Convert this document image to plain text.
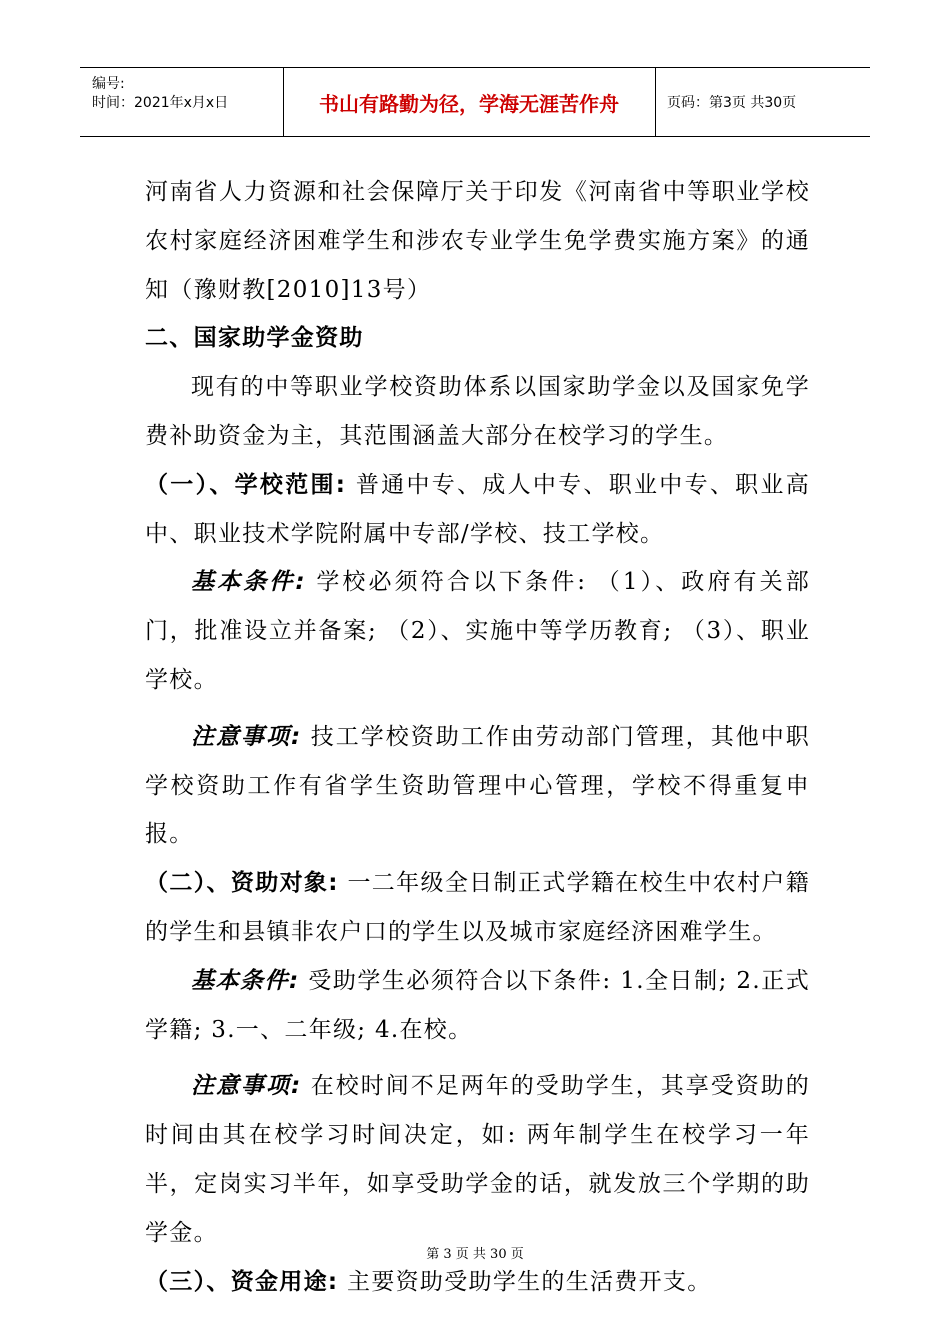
编号:
时间：2021年x月x日	书山有路勤为径，学海无涯苦作舟	页码：第3页 共30页

河南省人力资源和社会保障厅关于印发《河南省中等职业学校农村家庭经济困难学生和涉农专业学生免学费实施方案》的通知（豫财教[2010]13号）

二、国家助学金资助

现有的中等职业学校资助体系以国家助学金以及国家免学费补助资金为主，其范围涵盖大部分在校学习的学生。

（一）、学校范围: 普通中专、成人中专、职业中专、职业高中、职业技术学院附属中专部/学校、技工学校。

基本条件: 学校必须符合以下条件: （1）、政府有关部门，批准设立并备案; （2）、实施中等学历教育; （3）、职业学校。

注意事项: 技工学校资助工作由劳动部门管理，其他中职学校资助工作有省学生资助管理中心管理，学校不得重复申报。

（二）、资助对象: 一二年级全日制正式学籍在校生中农村户籍的学生和县镇非农户口的学生以及城市家庭经济困难学生。

基本条件: 受助学生必须符合以下条件: 1.全日制; 2.正式学籍; 3.一、二年级; 4.在校。

注意事项: 在校时间不足两年的受助学生，其享受资助的时间由其在校学习时间决定，如: 两年制学生在校学习一年半，定岗实习半年，如享受助学金的话，就发放三个学期的助学金。

（三）、资金用途: 主要资助受助学生的生活费开支。

第 3 页 共 30 页
